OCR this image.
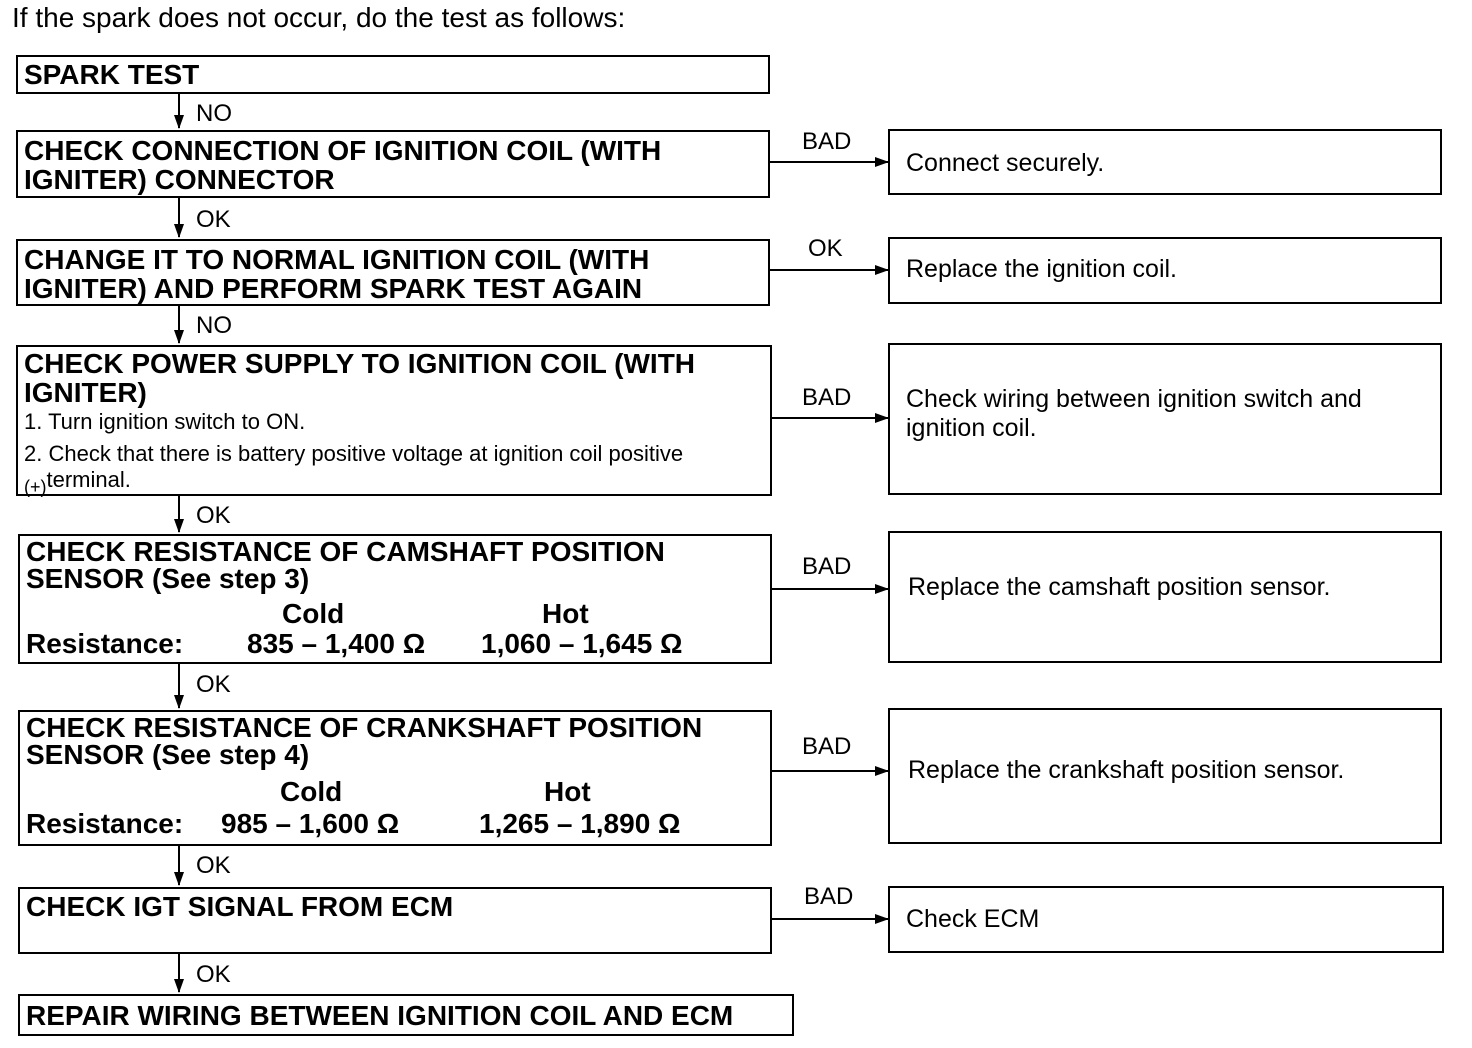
If the spark does not occur, do the test as follows:
NO
OK
NO
OK
OK
OK
OK
BAD
OK
BAD
BAD
BAD
BAD

SPARK TEST

CHECK CONNECTION OF IGNITION COIL (WITH IGNITER) CONNECTOR

CHANGE IT TO NORMAL IGNITION COIL (WITH IGNITER) AND PERFORM SPARK TEST AGAIN

CHECK POWER SUPPLY TO IGNITION COIL (WITH IGNITER)

1. Turn ignition switch to ON.

2. Check that there is battery positive voltage at ignition coil positive

$_{(+)}$terminal.

CHECK RESISTANCE OF CAMSHAFT POSITION SENSOR (See step 3)

Cold	Hot
Resistance: 835 – 1,400 Ω 1,060 – 1,645 Ω

CHECK RESISTANCE OF CRANKSHAFT POSITION SENSOR (See step 4)

Cold	Hot
Resistance: 985 – 1,600 Ω	1,265 – 1,890 Ω

CHECK IGT SIGNAL FROM ECM

REPAIR WIRING BETWEEN IGNITION COIL AND ECM

Connect securely.
Replace the ignition coil.
Check wiring between ignition switch and ignition coil.
Replace the camshaft position sensor.
Replace the crankshaft position sensor.
Check ECM
